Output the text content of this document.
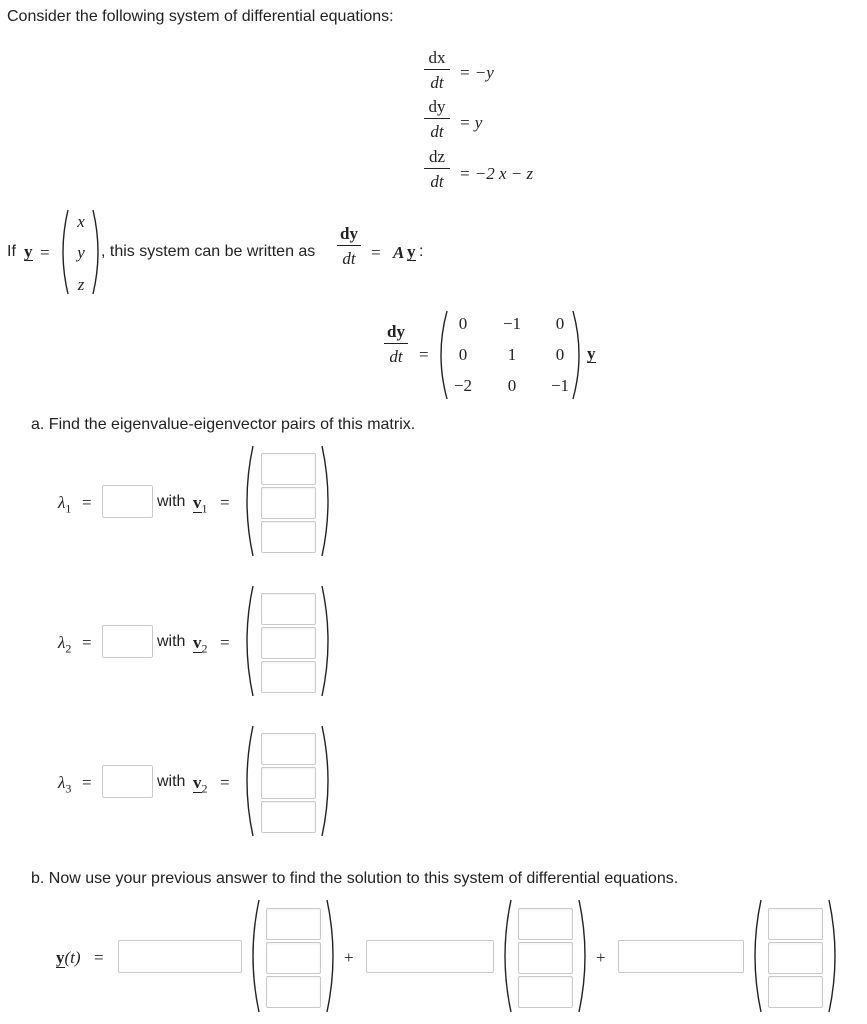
Consider the following system of differential equations:
dx
dt
= −y
dy
dt = y
dz
dt = −2 x − z
If y =
x
y
z
, this system can be written as
dy
dt = A y :
dy
dt =
0	−1	0
0	1	0
−2	0	−1
y
a. Find the eigenvalue-eigenvector pairs of this matrix.
$\lambda_1$ =	with $v_1$ =
$\lambda_2$ =	with $v_2$ =
$\lambda_3$ =	with $v_2$ =
b. Now use your previous answer to find the solution to this system of differential equations.
y(t) =	+	+
